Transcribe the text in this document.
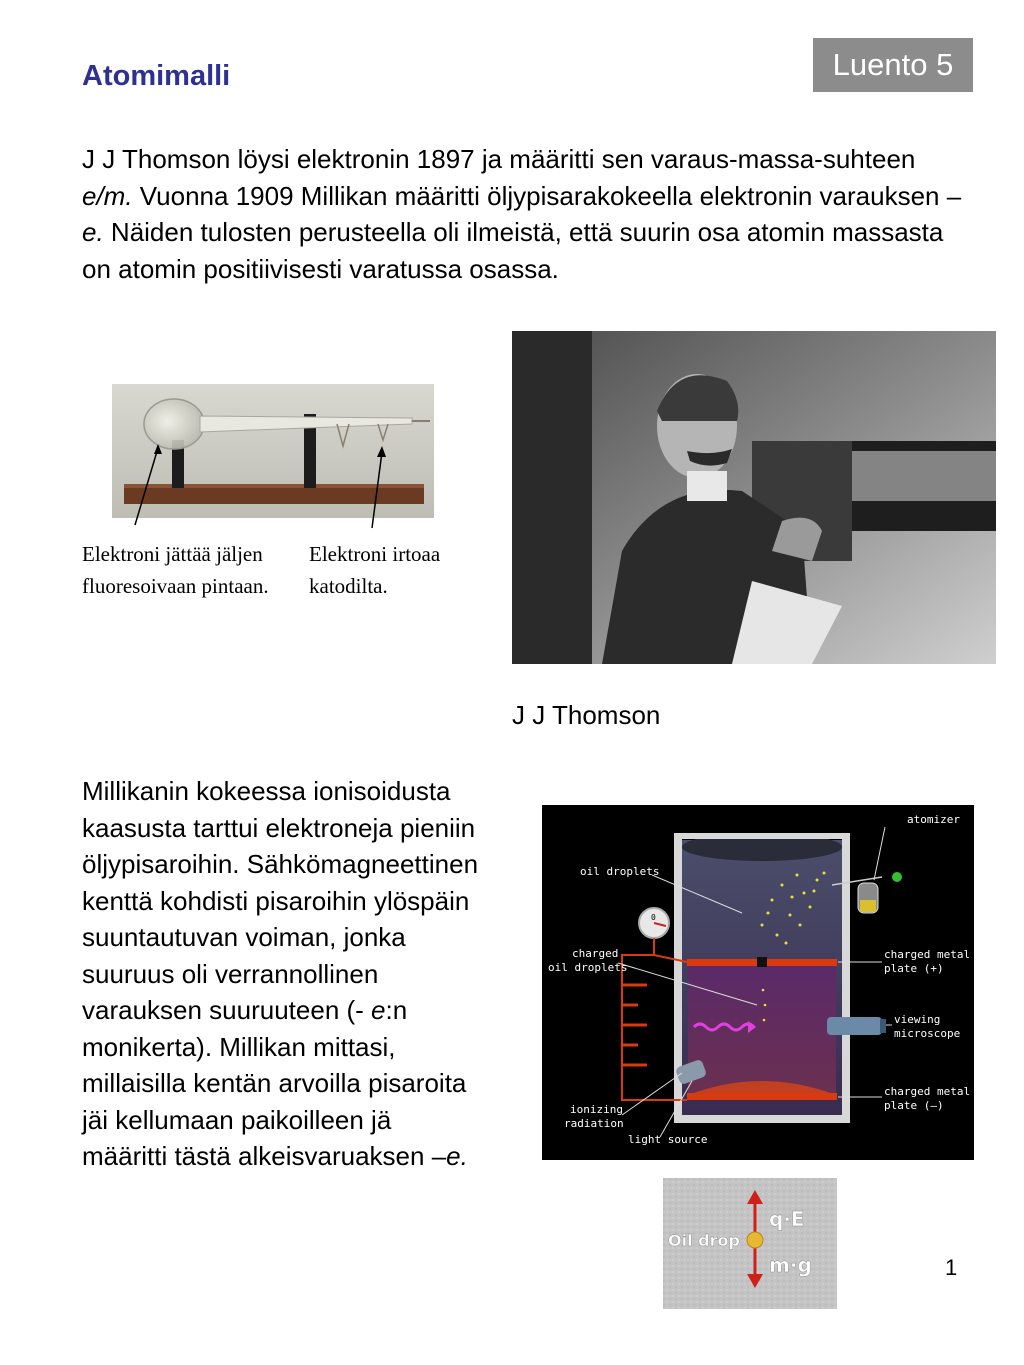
Luento 5
Atomimalli

J J Thomson löysi elektronin 1897 ja määritti sen varaus-massa-suhteen e/m. Vuonna 1909 Millikan määritti öljypisarakokeella elektronin varauksen – e. Näiden tulosten perusteella oli ilmeistä, että suurin osa atomin massasta on atomin positiivisesti varatussa osassa.

Elektroni jättää jäljen fluoresoivaan pintaan.
Elektroni irtoaa katodilta.
J J Thomson

Millikanin kokeessa ionisoidusta kaasusta tarttui elektroneja pieniin öljypisaroihin. Sähkömagneettinen kenttä kohdisti pisaroihin ylöspäin suuntautuvan voiman, jonka suuruus oli verrannollinen varauksen suuruuteen (- e:n monikerta). Millikan mittasi, millaisilla kentän arvoilla pisaroita jäi kellumaan paikoilleen jä määritti tästä alkeisvaruaksen –e.

0
atomizer
oil droplets
charged
oil droplets
charged metal
plate (+)
viewing
microscope
charged metal
plate (–)
ionizing
radiation
light source
Oil drop
q·E
m·g	1
